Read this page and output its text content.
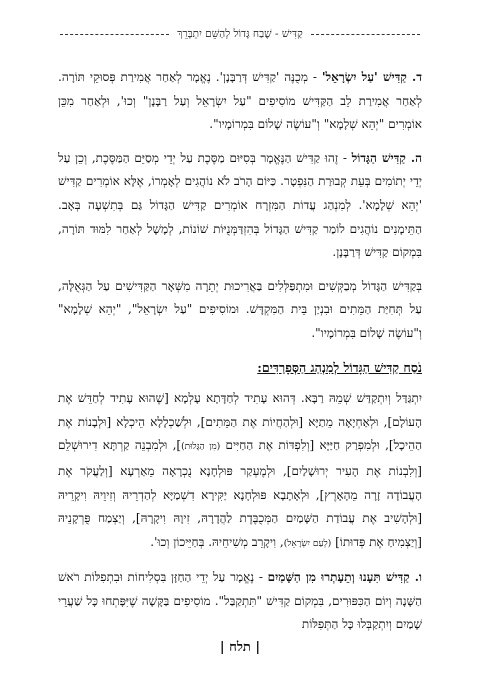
קַדִּישׁ - שֶׁבַח גָּדוֹל לְהַשֵּׁם יִתְבָּרֵךְ

ד. קַדִּישׁ 'עַל יִשְׂרָאֵל' - מְכֻנֶּה 'קַדִּישׁ דְּרַבָּנָן'. נֶאֱמָר לְאַחַר אֲמִירַת פְּסוּקֵי תּוֹרָה. לְאַחַר אֲמִירַת לֵב הַקַּדִּישׁ מוֹסִיפִים "עַל יִשְׂרָאֵל וְעַל רַבָּנָן" וְכוּ', וּלְאַחַר מִכֵּן אוֹמְרִים "יְהֵא שְׁלָמָא" וְ"עוֹשֶׂה שָׁלוֹם בִּמְרוֹמָיו".

ה. קַדִּישׁ הַגָּדוֹל - זֶהוּ קַדִּישׁ הַנֶּאֱמָר בְּסִיּוּם מַסֶּכֶת עַל יְדֵי מְסַיֵּם הַמַּסֶּכֶת, וְכֵן עַל יְדֵי יְתוֹמִים בְּעֵת קְבוּרַת הַנִּפְטָר. כַּיּוֹם הָרֹב לֹא נוֹהֲגִים לְאָמְרוֹ, אֶלָּא אוֹמְרִים קַדִּישׁ 'יְהֵא שְׁלָמָא'. לְמִנְהַג עֲדוֹת הַמִּזְרָח אוֹמְרִים קַדִּישׁ הַגָּדוֹל גַּם בְּתִשְׁעָה בְּאָב. הַתֵּימָנִים נוֹהֲגִים לוֹמַר קַדִּישׁ הַגָּדוֹל בְּהִזְדַּמְּנֻיּוֹת שׁוֹנוֹת, לְמָשָׁל לְאַחַר לִמּוּד תּוֹרָה, בִּמְקוֹם קַדִּישׁ דְּרַבָּנָן.

בְּקַדִּישׁ הַגָּדוֹל מְבַקְּשִׁים וּמִתְפַּלְּלִים בַּאֲרִיכוּת יְתֵרָה מִשְּׁאָר הַקַּדִּישִׁים עַל הַגְּאֻלָּה, עַל תְּחִיַּת הַמֵּתִים וּבִנְיַן בֵּית הַמִּקְדָּשׁ. וּמוֹסִיפִים "עַל יִשְׂרָאֵל", "יְהֵא שְׁלָמָא" וְ"עוֹשֶׂה שָׁלוֹם בִּמְרוֹמָיו".

נֹסַח קַדִּישׁ הַגָּדוֹל לְמִנְהַג הַסְּפָרַדִּים:

יִתְגַּדַּל וְיִתְקַדַּשׁ שְׁמֵהּ רַבָּא. דְּהוּא עָתִיד לְחַדָּתָא עָלְמָא [שֶׁהוּא עָתִיד לְחַדֵּשׁ אֶת הָעוֹלָם], וּלְאַחְיָאָה מֵתַיָּא [וּלְהַחֲיוֹת אֶת הַמֵּתִים], וּלְשַׁכְלָלָא הֵיכְלָא [וּלְבָנוֹת אֶת הַהֵיכָל], וּלְמִפְרַק חַיַּיָּא [וְלִפְדּוֹת אֶת הַחַיִּים (מִן הַגָּלוּת)], וּלְמִבְנֵה קַרְתָּא דִירוּשְׁלֵם [וְלִבְנוֹת אֶת הָעִיר יְרוּשָׁלַיִם], וּלְמֶעְקַר פּוּלְחָנָא נֻכְרָאָה מֵאַרְעָא [וְלַעֲקֹר אֶת הָעֲבוֹדָה זָרָה מֵהָאָרֶץ], וּלְאָתָבָא פּוּלְחָנָא יַקִּירָא דִשְׁמַיָּא לְהַדְרֵיהּ וְזִיוֵיהּ וִיקָרֵיהּ [וּלְהָשִׁיב אֶת עֲבוֹדַת הַשָּׁמַיִם הַמְּכֻבֶּדֶת לַהֲדָרָהּ, זִיוָהּ וִיקָרָהּ], וְיַצְמַח פֻּרְקָנֵיהּ [וְיַצְמִיחַ אֶת פְּדוּתוֹ] (לְעַם יִשְׂרָאֵל), וִיקָרֵב מְשִׁיחֵיהּ. בְּחַיֵּיכוֹן וְכוּ'.

ו. קַדִּישׁ תִּעָנוּ וְתֵעָתְרוּ מִן הַשָּׁמַיִם - נֶאֱמָר עַל יְדֵי הַחַזָּן בִּסְלִיחוֹת וּבִתְפִלּוֹת רֹאשׁ הַשָּׁנָה וְיוֹם הַכִּפּוּרִים, בִּמְקוֹם קַדִּישׁ "תִּתְקַבַּל". מוֹסִיפִים בַּקָּשָׁה שֶׁיִּפָּתְחוּ כָּל שַׁעֲרֵי שָׁמַיִם וְיִתְקַבְּלוּ כָּל הַתְּפִלּוֹת

| תלח |
